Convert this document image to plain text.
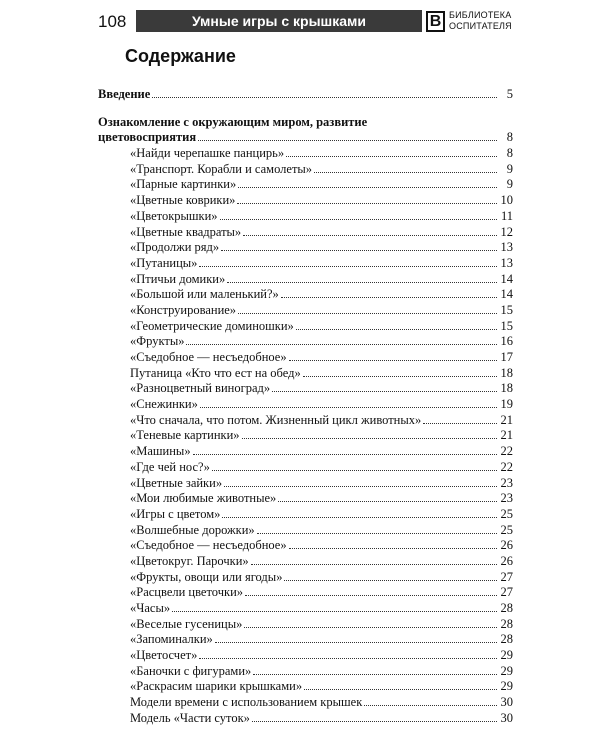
108	Умные игры с крышками	В БИБЛИОТЕКА
ОСПИТАТЕЛЯ
Содержание
Введение	5
Ознакомление с окружающим миром, развитие
цветовосприятия	8
«Найди черепашке панцирь»	8
«Транспорт. Корабли и самолеты»	9
«Парные картинки»	9
«Цветные коврики»	10
«Цветокрышки»	11
«Цветные квадраты»	12
«Продолжи ряд»	13
«Путаницы»	13
«Птичьи домики»	14
«Большой или маленький?»	14
«Конструирование»	15
«Геометрические доминошки»	15
«Фрукты»	16
«Съедобное — несъедобное»	17
Путаница «Кто что ест на обед»	18
«Разноцветный виноград»	18
«Снежинки»	19
«Что сначала, что потом. Жизненный цикл животных»	21
«Теневые картинки»	21
«Машины»	22
«Где чей нос?»	22
«Цветные зайки»	23
«Мои любимые животные»	23
«Игры с цветом»	25
«Волшебные дорожки»	25
«Съедобное — несъедобное»	26
«Цветокруг. Парочки»	26
«Фрукты, овощи или ягоды»	27
«Расцвели цветочки»	27
«Часы»	28
«Веселые гусеницы»	28
«Запоминалки»	28
«Цветосчет»	29
«Баночки с фигурами»	29
«Раскрасим шарики крышками»	29
Модели времени с использованием крышек	30
Модель «Части суток»	30
